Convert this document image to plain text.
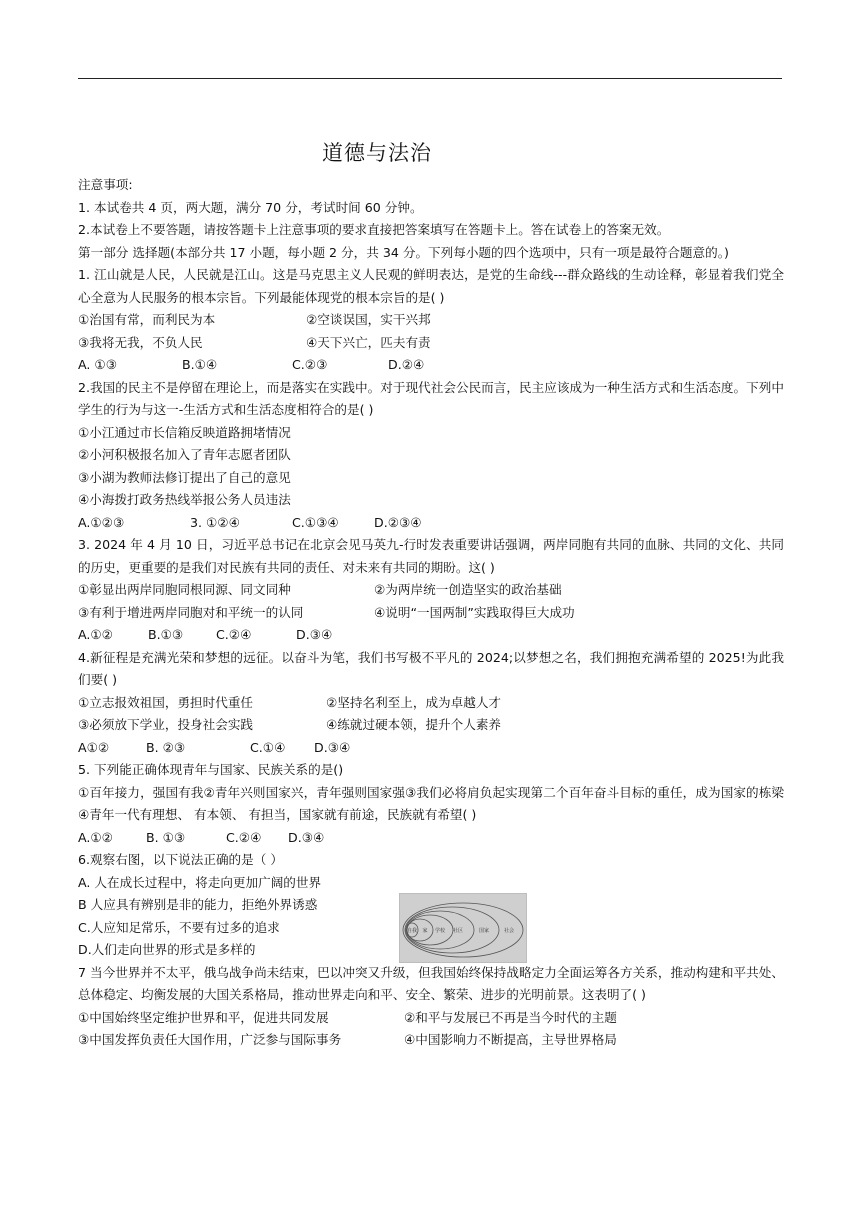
道德与法治

注意事项:

1. 本试卷共 4 页，两大题，满分 70 分，考试时间 60 分钟。

2.本试卷上不要答题，请按答题卡上注意事项的要求直接把答案填写在答题卡上。答在试卷上的答案无效。

第一部分 选择题(本部分共 17 小题，每小题 2 分，共 34 分。下列每小题的四个选项中，只有一项是最符合题意的。)

1. 江山就是人民，人民就是江山。这是马克思主义人民观的鲜明表达，是党的生命线---群众路线的生动诠释，彰显着我们党全心全意为人民服务的根本宗旨。下列最能体现党的根本宗旨的是( )

①治国有常，而利民为本	②空谈误国，实干兴邦
③我将无我，不负人民	④天下兴亡，匹夫有责
A. ①③	B.①④	C.②③	D.②④

2.我国的民主不是停留在理论上，而是落实在实践中。对于现代社会公民而言，民主应该成为一种生活方式和生活态度。下列中学生的行为与这一-生活方式和生活态度相符合的是( )

①小江通过市长信箱反映道路拥堵情况

②小河积极报名加入了青年志愿者团队

③小湖为教师法修订提出了自己的意见

④小海拨打政务热线举报公务人员违法

A.①②③	3. ①②④	C.①③④	D.②③④

3. 2024 年 4 月 10 日，习近平总书记在北京会见马英九-行时发表重要讲话强调，两岸同胞有共同的血脉、共同的文化、共同的历史，更重要的是我们对民族有共同的责任、对未来有共同的期盼。这( )

①彰显出两岸同胞同根同源、同文同种	②为两岸统一创造坚实的政治基础
③有利于增进两岸同胞对和平统一的认同	④说明“一国两制”实践取得巨大成功
A.①②	B.①③	C.②④	D.③④

4.新征程是充满光荣和梦想的远征。以奋斗为笔，我们书写极不平凡的 2024;以梦想之名，我们拥抱充满希望的 2025!为此我们要( )

①立志报效祖国，勇担时代重任	②坚持名利至上，成为卓越人才
③必须放下学业，投身社会实践	④练就过硬本领，提升个人素养
A①②	B. ②③	C.①④	D.③④

5. 下列能正确体现青年与国家、民族关系的是()

①百年接力，强国有我②青年兴则国家兴，青年强则国家强③我们必将肩负起实现第二个百年奋斗目标的重任，成为国家的栋梁④青年一代有理想、 有本领、 有担当，国家就有前途，民族就有希望( )

A.①②	B. ①③	C.②④	D.③④

6.观察右图，以下说法正确的是（ ）

A. 人在成长过程中，将走向更加广阔的世界

B 人应具有辨别是非的能力，拒绝外界诱惑

C.人应知足常乐，不要有过多的追求

D.人们走向世界的形式是多样的

7 当今世界并不太平，俄乌战争尚未结束，巴以冲突又升级，但我国始终保持战略定力全面运筹各方关系，推动构建和平共处、总体稳定、均衡发展的大国关系格局，推动世界走向和平、安全、繁荣、进步的光明前景。这表明了( )

①中国始终坚定维护世界和平，促进共同发展	②和平与发展已不再是当今时代的主题
③中国发挥负责任大国作用，广泛参与国际事务	④中国影响力不断提高，主导世界格局
自我 家 学校 社区	国家	社会
